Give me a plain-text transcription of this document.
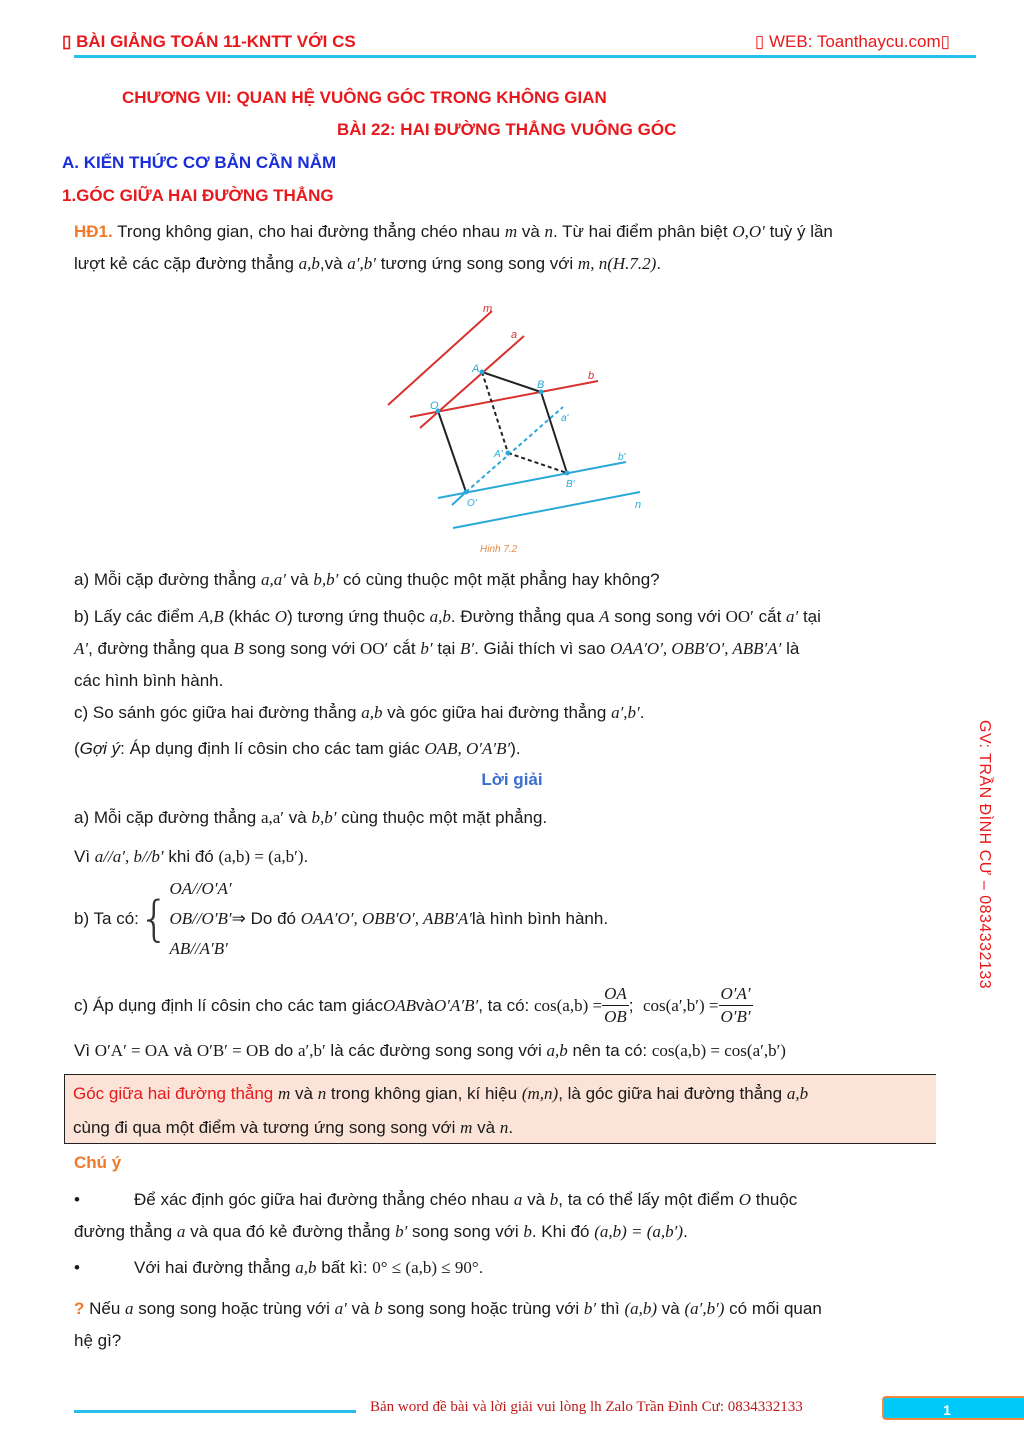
▯ BÀI GIẢNG TOÁN 11-KNTT VỚI CS	▯ WEB: Toanthaycu.com▯
CHƯƠNG VII: QUAN HỆ VUÔNG GÓC TRONG KHÔNG GIAN
BÀI 22: HAI ĐƯỜNG THẲNG VUÔNG GÓC
A. KIẾN THỨC CƠ BẢN CẦN NẮM
1.GÓC GIỮA HAI ĐƯỜNG THẲNG
HĐ1. Trong không gian, cho hai đường thẳng chéo nhau m và n. Từ hai điểm phân biệt O,O′ tuỳ ý lần
lượt kẻ các cặp đường thẳng a,b,và a′,b′ tương ứng song song với m, n(H.7.2).
m
a
b
A
B
O
a'
A'	b'
B'
O'	n
Hinh 7.2
a) Mỗi cặp đường thẳng a,a′ và b,b′ có cùng thuộc một mặt phẳng hay không?
b) Lấy các điểm A,B (khác O) tương ứng thuộc a,b. Đường thẳng qua A song song với OO′ cắt a′ tại
A′, đường thẳng qua B song song với OO′ cắt b′ tại B′. Giải thích vì sao OAA′O′, OBB′O′, ABB′A′ là
các hình bình hành.
c) So sánh góc giữa hai đường thẳng a,b và góc giữa hai đường thẳng a′,b′.
(Gợi ý: Áp dụng định lí côsin cho các tam giác OAB, O′A′B′).
Lời giải
a) Mỗi cặp đường thẳng a,a′ và b,b′ cùng thuộc một mặt phẳng.
Vì a//a′, b//b′ khi đó (a,b) = (a,b′).
b) Ta có: {
OA//O′A′
OB//O′B′
AB//A′B′
⇒ Do đó
OAA′O′, OBB′O′, ABB′A′ là hình bình hành.
c) Áp dụng định lí côsin cho các tam giác OAB và O′A′B′ , ta có:
$\cos(a,b) = \frac{OA}{OB}$ ;
$\cos(a',b') = \frac{O'A'}{O'B'}$
Vì O′A′ = OA và O′B′ = OB do a′,b′ là các đường song song với a,b nên ta có: cos(a,b) = cos(a′,b′)
Góc giữa hai đường thẳng m và n trong không gian, kí hiệu (m,n), là góc giữa hai đường thẳng a,b
cùng đi qua một điểm và tương ứng song song với m và n.
Chú ý
•	Để xác định góc giữa hai đường thẳng chéo nhau a và b, ta có thể lấy một điểm O thuộc
đường thẳng a và qua đó kẻ đường thẳng b′ song song với b. Khi đó (a,b) = (a,b′).
•	Với hai đường thẳng a,b bất kì: 0° ≤ (a,b) ≤ 90°.
? Nếu a song song hoặc trùng với a′ và b song song hoặc trùng với b′ thì (a,b) và (a′,b′) có mối quan
hệ gì?
GV: TRẦN ĐÌNH CƯ – 0834332133
Bản word đề bài và lời giải vui lòng lh Zalo Trần Đình Cư: 0834332133	1
